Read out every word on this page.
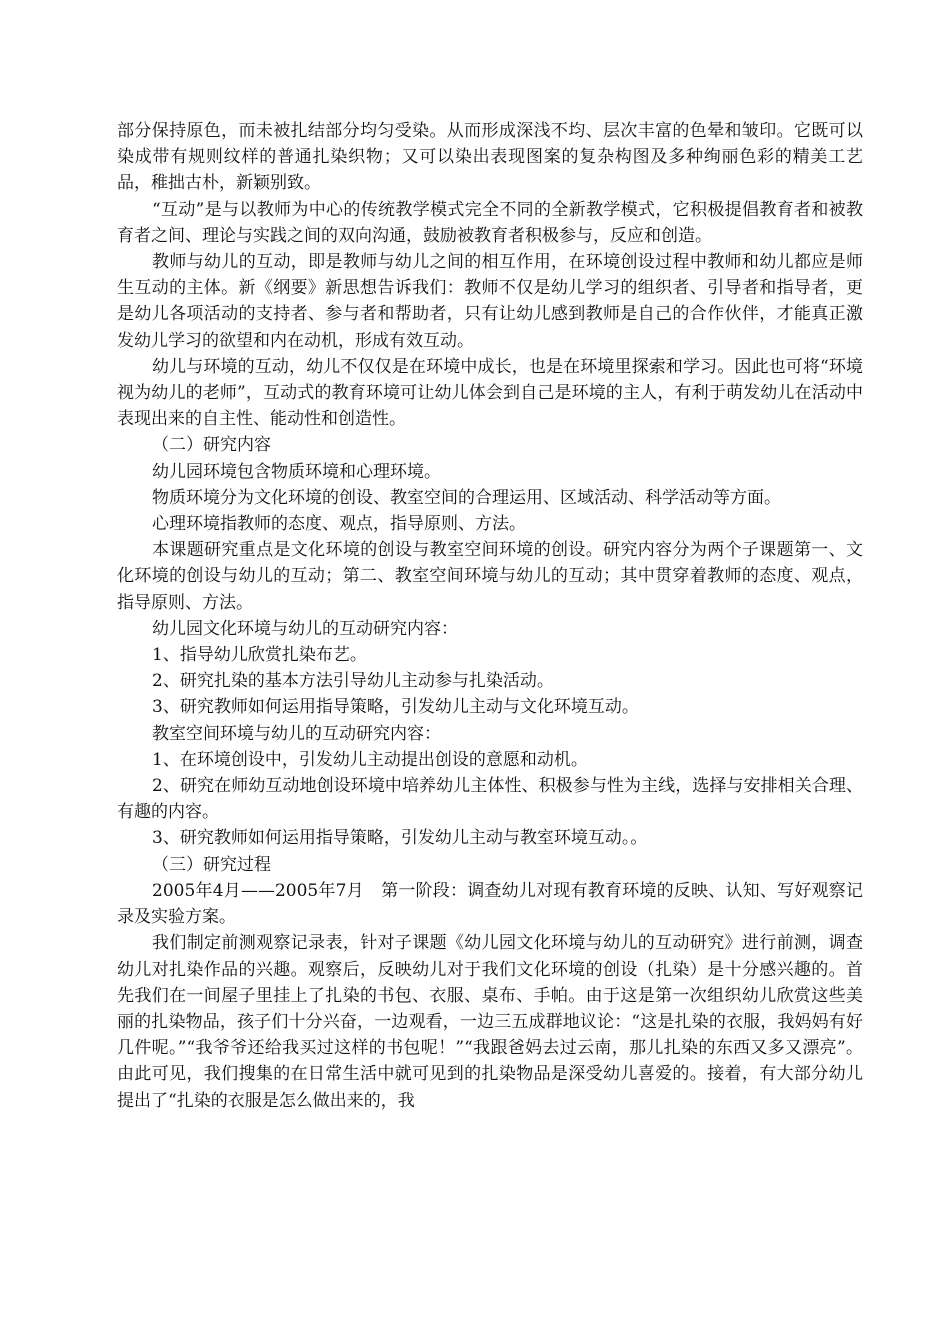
部分保持原色，而未被扎结部分均匀受染。从而形成深浅不均、层次丰富的色晕和皱印。它既可以染成带有规则纹样的普通扎染织物；又可以染出表现图案的复杂构图及多种绚丽色彩的精美工艺品，稚拙古朴，新颖别致。

“互动”是与以教师为中心的传统教学模式完全不同的全新教学模式，它积极提倡教育者和被教育者之间、理论与实践之间的双向沟通，鼓励被教育者积极参与，反应和创造。

教师与幼儿的互动，即是教师与幼儿之间的相互作用，在环境创设过程中教师和幼儿都应是师生互动的主体。新《纲要》新思想告诉我们：教师不仅是幼儿学习的组织者、引导者和指导者，更是幼儿各项活动的支持者、参与者和帮助者，只有让幼儿感到教师是自己的合作伙伴，才能真正激发幼儿学习的欲望和内在动机，形成有效互动。

幼儿与环境的互动，幼儿不仅仅是在环境中成长，也是在环境里探索和学习。因此也可将“环境视为幼儿的老师”，互动式的教育环境可让幼儿体会到自己是环境的主人，有利于萌发幼儿在活动中表现出来的自主性、能动性和创造性。

（二）研究内容

幼儿园环境包含物质环境和心理环境。

物质环境分为文化环境的创设、教室空间的合理运用、区域活动、科学活动等方面。

心理环境指教师的态度、观点，指导原则、方法。

本课题研究重点是文化环境的创设与教室空间环境的创设。研究内容分为两个子课题第一、文化环境的创设与幼儿的互动；第二、教室空间环境与幼儿的互动；其中贯穿着教师的态度、观点，指导原则、方法。

幼儿园文化环境与幼儿的互动研究内容：

1、指导幼儿欣赏扎染布艺。

2、研究扎染的基本方法引导幼儿主动参与扎染活动。

3、研究教师如何运用指导策略，引发幼儿主动与文化环境互动。

教室空间环境与幼儿的互动研究内容：

1、在环境创设中，引发幼儿主动提出创设的意愿和动机。

2、研究在师幼互动地创设环境中培养幼儿主体性、积极参与性为主线，选择与安排相关合理、有趣的内容。

3、研究教师如何运用指导策略，引发幼儿主动与教室环境互动。。

（三）研究过程

2005年4月——2005年7月　第一阶段：调查幼儿对现有教育环境的反映、认知、写好观察记录及实验方案。

我们制定前测观察记录表，针对子课题《幼儿园文化环境与幼儿的互动研究》进行前测，调查幼儿对扎染作品的兴趣。观察后，反映幼儿对于我们文化环境的创设（扎染）是十分感兴趣的。首先我们在一间屋子里挂上了扎染的书包、衣服、桌布、手帕。由于这是第一次组织幼儿欣赏这些美丽的扎染物品，孩子们十分兴奋，一边观看，一边三五成群地议论：“这是扎染的衣服，我妈妈有好几件呢。”“我爷爷还给我买过这样的书包呢！”“我跟爸妈去过云南，那儿扎染的东西又多又漂亮”。由此可见，我们搜集的在日常生活中就可见到的扎染物品是深受幼儿喜爱的。接着，有大部分幼儿提出了“扎染的衣服是怎么做出来的，我
